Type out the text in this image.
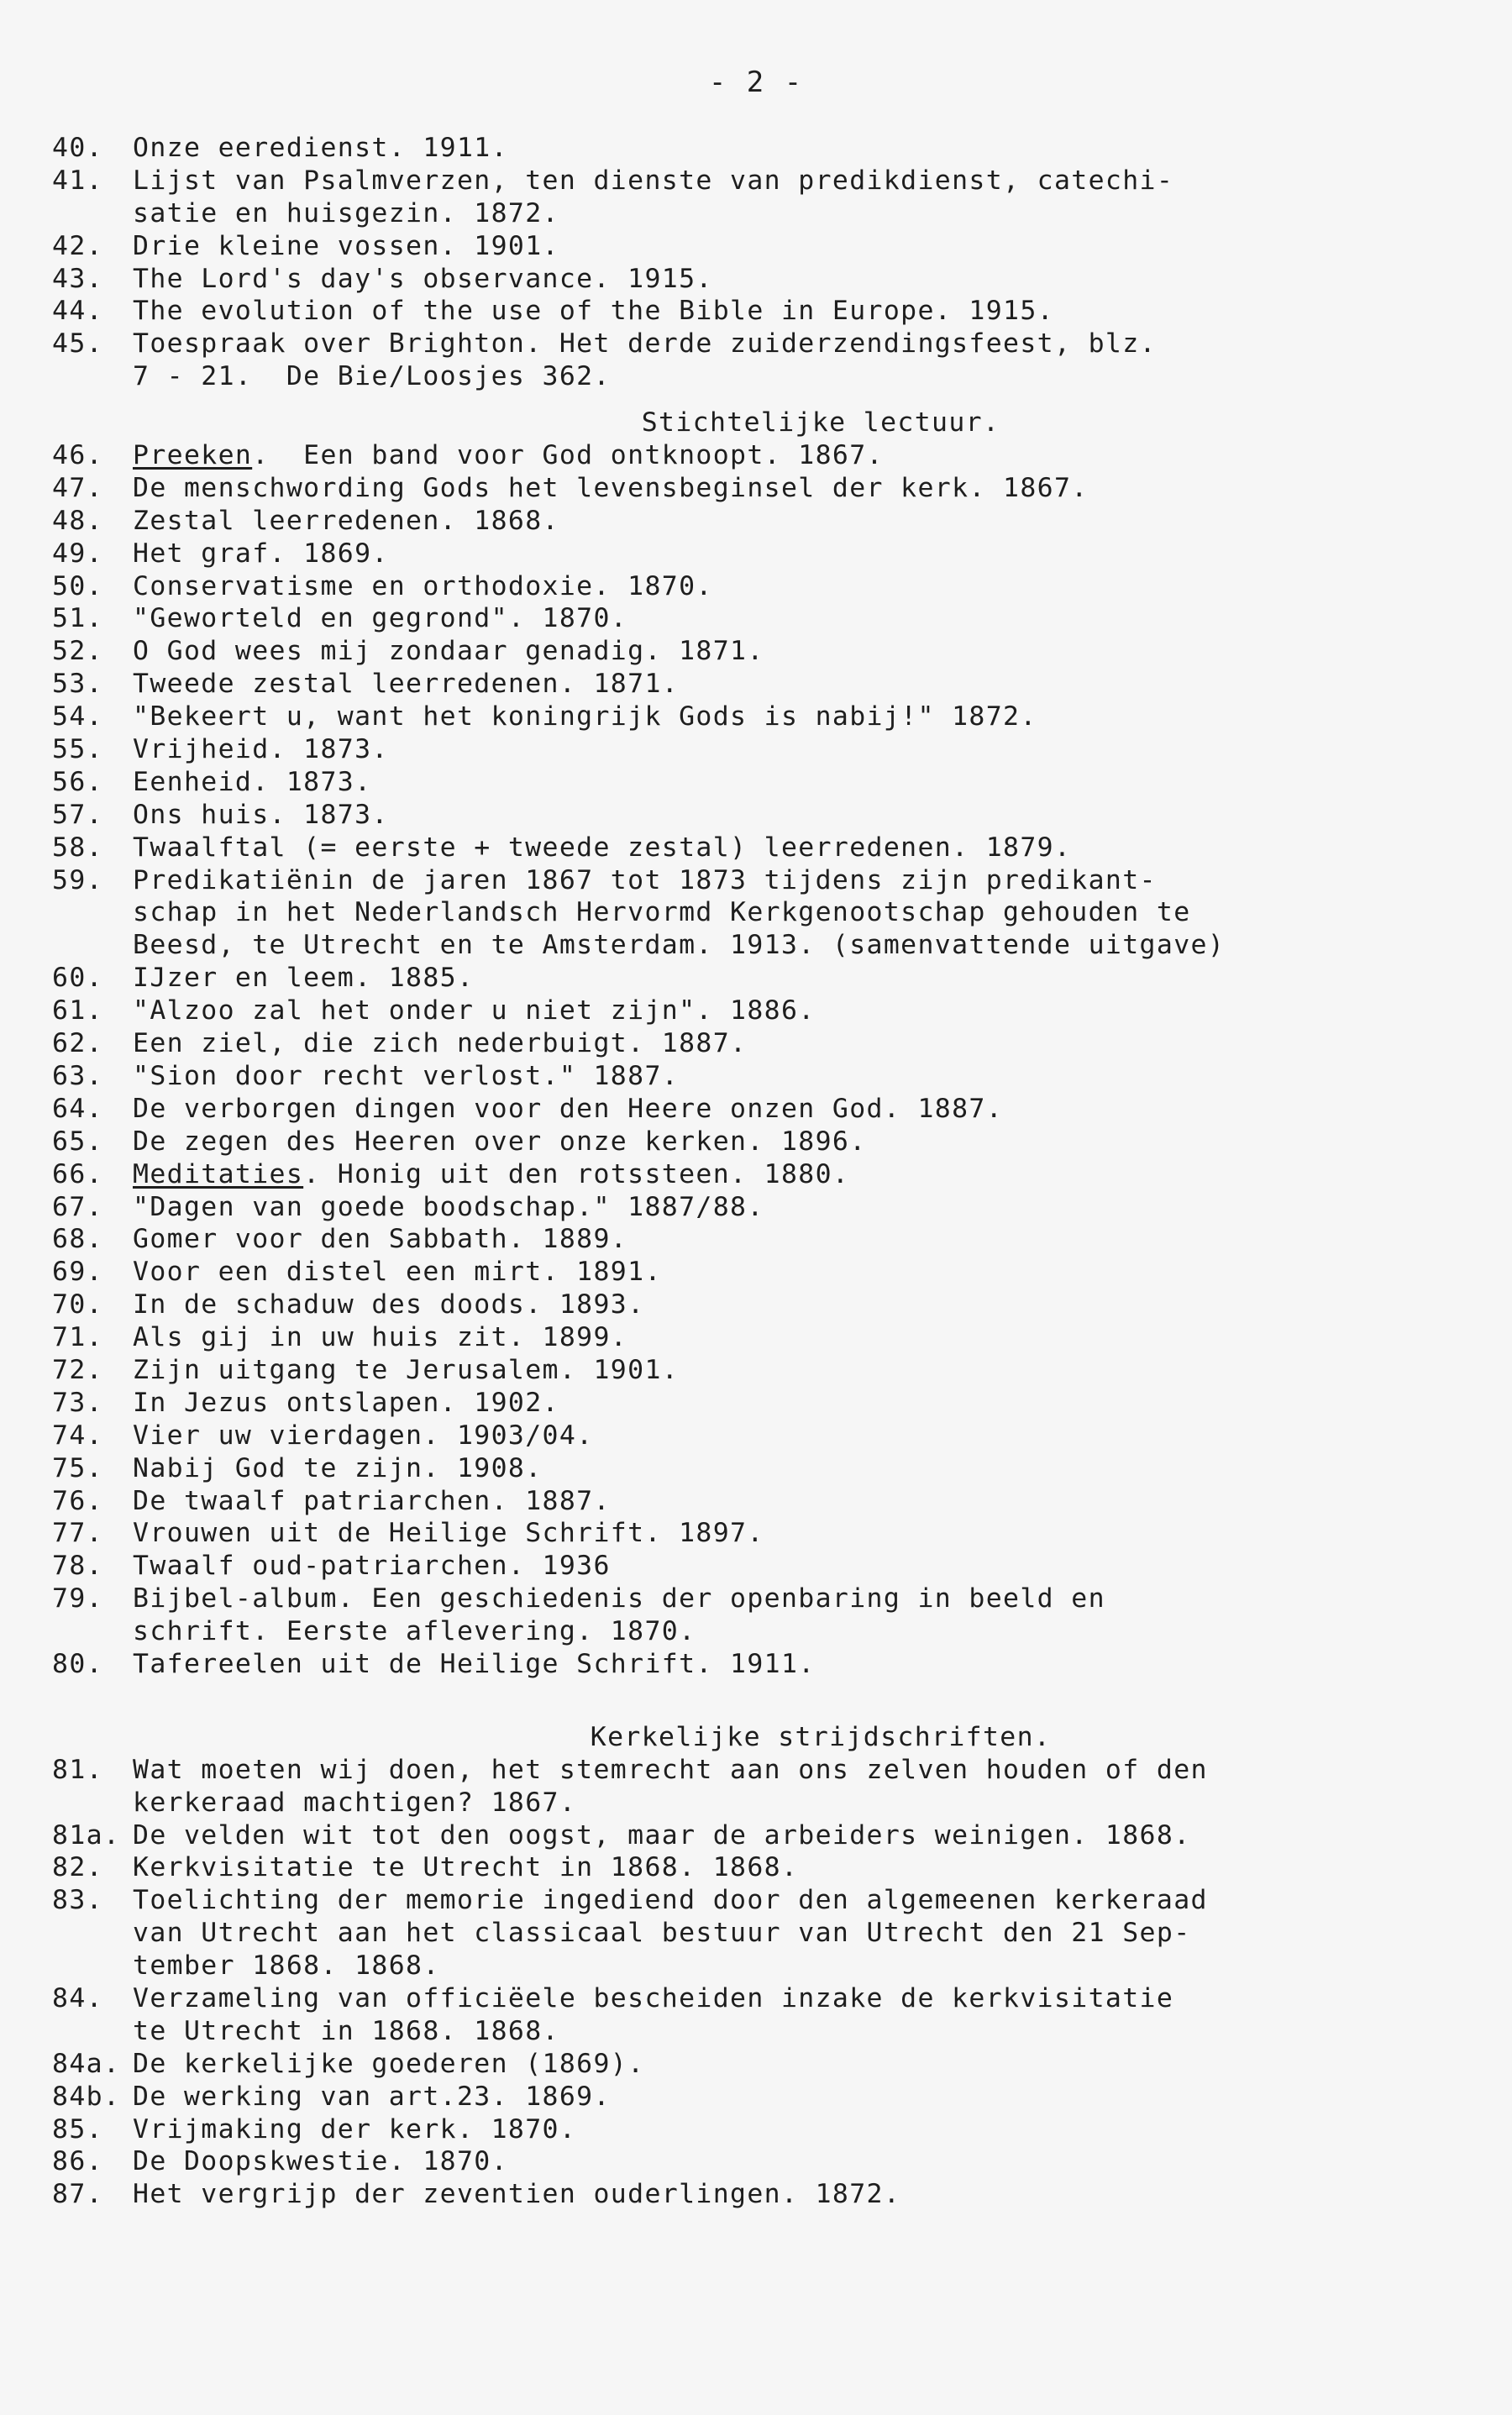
- 2 -
40. Onze eeredienst. 1911.
41. Lijst van Psalmverzen, ten dienste van predikdienst, catechi-
satie en huisgezin. 1872.
42. Drie kleine vossen. 1901.
43. The Lord's day's observance. 1915.
44. The evolution of the use of the Bible in Europe. 1915.
45. Toespraak over Brighton. Het derde zuiderzendingsfeest, blz.
7 - 21.  De Bie/Loosjes 362.
Stichtelijke lectuur.
46. Preeken.  Een band voor God ontknoopt. 1867.
47. De menschwording Gods het levensbeginsel der kerk. 1867.
48. Zestal leerredenen. 1868.
49. Het graf. 1869.
50. Conservatisme en orthodoxie. 1870.
51. "Geworteld en gegrond". 1870.
52. O God wees mij zondaar genadig. 1871.
53. Tweede zestal leerredenen. 1871.
54. "Bekeert u, want het koningrijk Gods is nabij!" 1872.
55. Vrijheid. 1873.
56. Eenheid. 1873.
57. Ons huis. 1873.
58. Twaalftal (= eerste + tweede zestal) leerredenen. 1879.
59. Predikatiënin de jaren 1867 tot 1873 tijdens zijn predikant-
schap in het Nederlandsch Hervormd Kerkgenootschap gehouden te
Beesd, te Utrecht en te Amsterdam. 1913. (samenvattende uitgave)
60. IJzer en leem. 1885.
61. "Alzoo zal het onder u niet zijn". 1886.
62. Een ziel, die zich nederbuigt. 1887.
63. "Sion door recht verlost." 1887.
64. De verborgen dingen voor den Heere onzen God. 1887.
65. De zegen des Heeren over onze kerken. 1896.
66. Meditaties. Honig uit den rotssteen. 1880.
67. "Dagen van goede boodschap." 1887/88.
68. Gomer voor den Sabbath. 1889.
69. Voor een distel een mirt. 1891.
70. In de schaduw des doods. 1893.
71. Als gij in uw huis zit. 1899.
72. Zijn uitgang te Jerusalem. 1901.
73. In Jezus ontslapen. 1902.
74. Vier uw vierdagen. 1903/04.
75. Nabij God te zijn. 1908.
76. De twaalf patriarchen. 1887.
77. Vrouwen uit de Heilige Schrift. 1897.
78. Twaalf oud-patriarchen. 1936
79. Bijbel-album. Een geschiedenis der openbaring in beeld en
schrift. Eerste aflevering. 1870.
80. Tafereelen uit de Heilige Schrift. 1911.
Kerkelijke strijdschriften.
81. Wat moeten wij doen, het stemrecht aan ons zelven houden of den
kerkeraad machtigen? 1867.
81a. De velden wit tot den oogst, maar de arbeiders weinigen. 1868.
82. Kerkvisitatie te Utrecht in 1868. 1868.
83. Toelichting der memorie ingediend door den algemeenen kerkeraad
van Utrecht aan het classicaal bestuur van Utrecht den 21 Sep-
tember 1868. 1868.
84. Verzameling van officiëele bescheiden inzake de kerkvisitatie
te Utrecht in 1868. 1868.
84a. De kerkelijke goederen (1869).
84b. De werking van art.23. 1869.
85. Vrijmaking der kerk. 1870.
86. De Doopskwestie. 1870.
87. Het vergrijp der zeventien ouderlingen. 1872.
